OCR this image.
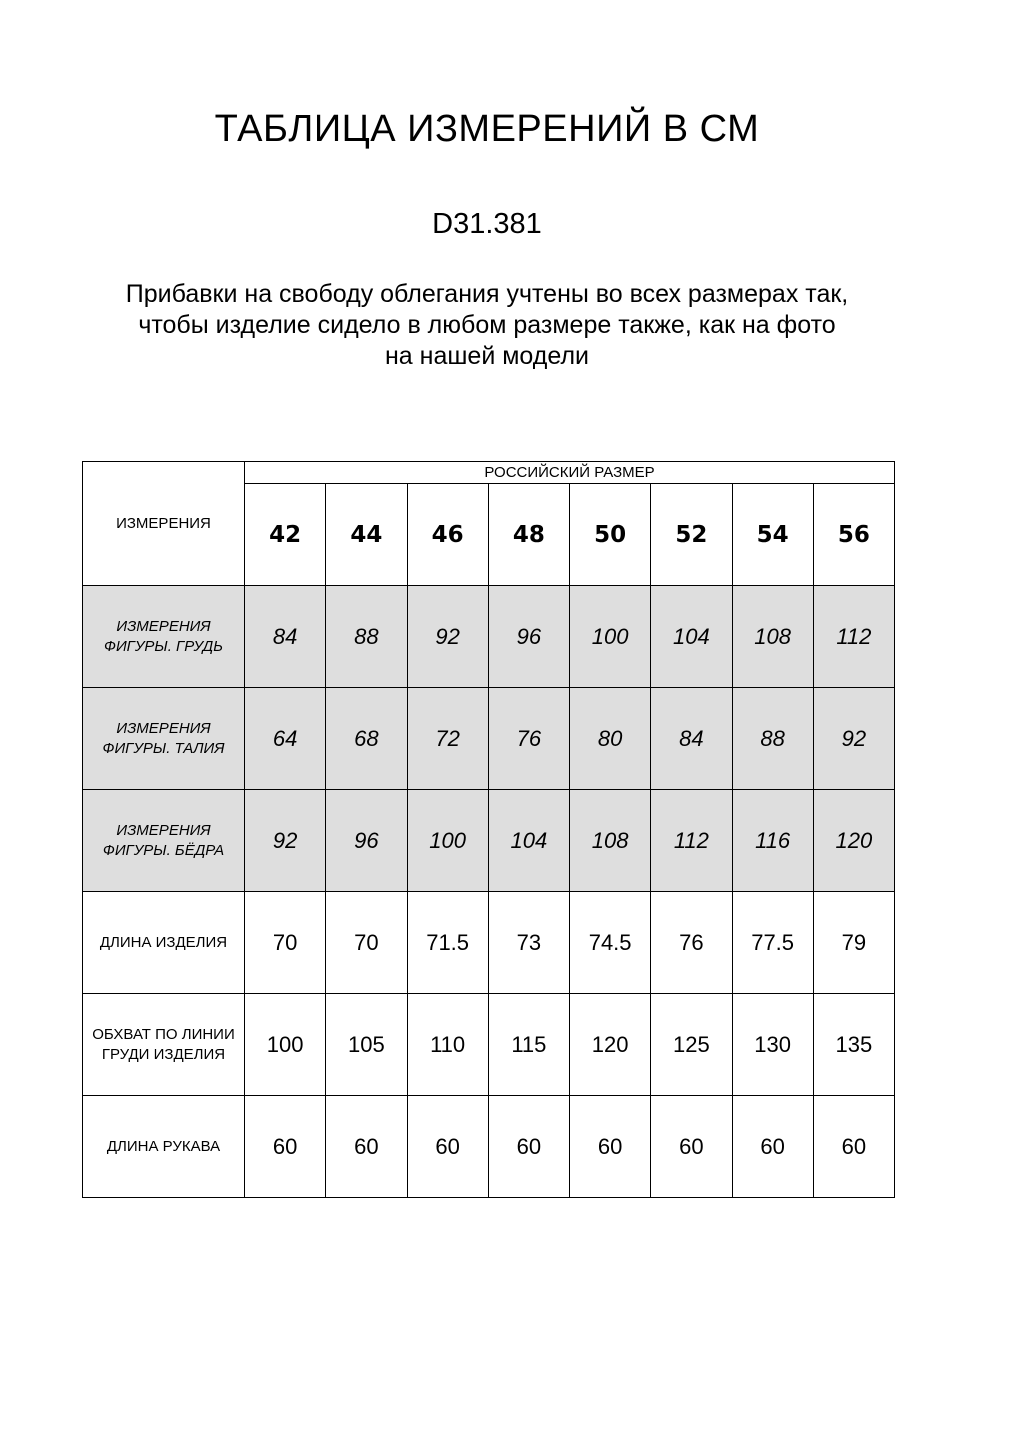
ТАБЛИЦА ИЗМЕРЕНИЙ В СМ
D31.381
Прибавки на свободу облегания учтены во всех размерах так,
чтобы изделие сидело в любом размере также, как на фото
на нашей модели
ИЗМЕРЕНИЯ	РОССИЙСКИЙ РАЗМЕР							
	42	44	46	48	50	52	54	56
ИЗМЕРЕНИЯ ФИГУРЫ. ГРУДЬ	84	88	92	96	100	104	108	112
ИЗМЕРЕНИЯ ФИГУРЫ. ТАЛИЯ	64	68	72	76	80	84	88	92
ИЗМЕРЕНИЯ ФИГУРЫ. БЁДРА	92	96	100	104	108	112	116	120
ДЛИНА ИЗДЕЛИЯ	70	70	71.5	73	74.5	76	77.5	79
ОБХВАТ ПО ЛИНИИ ГРУДИ ИЗДЕЛИЯ	100	105	110	115	120	125	130	135
ДЛИНА РУКАВА	60	60	60	60	60	60	60	60
